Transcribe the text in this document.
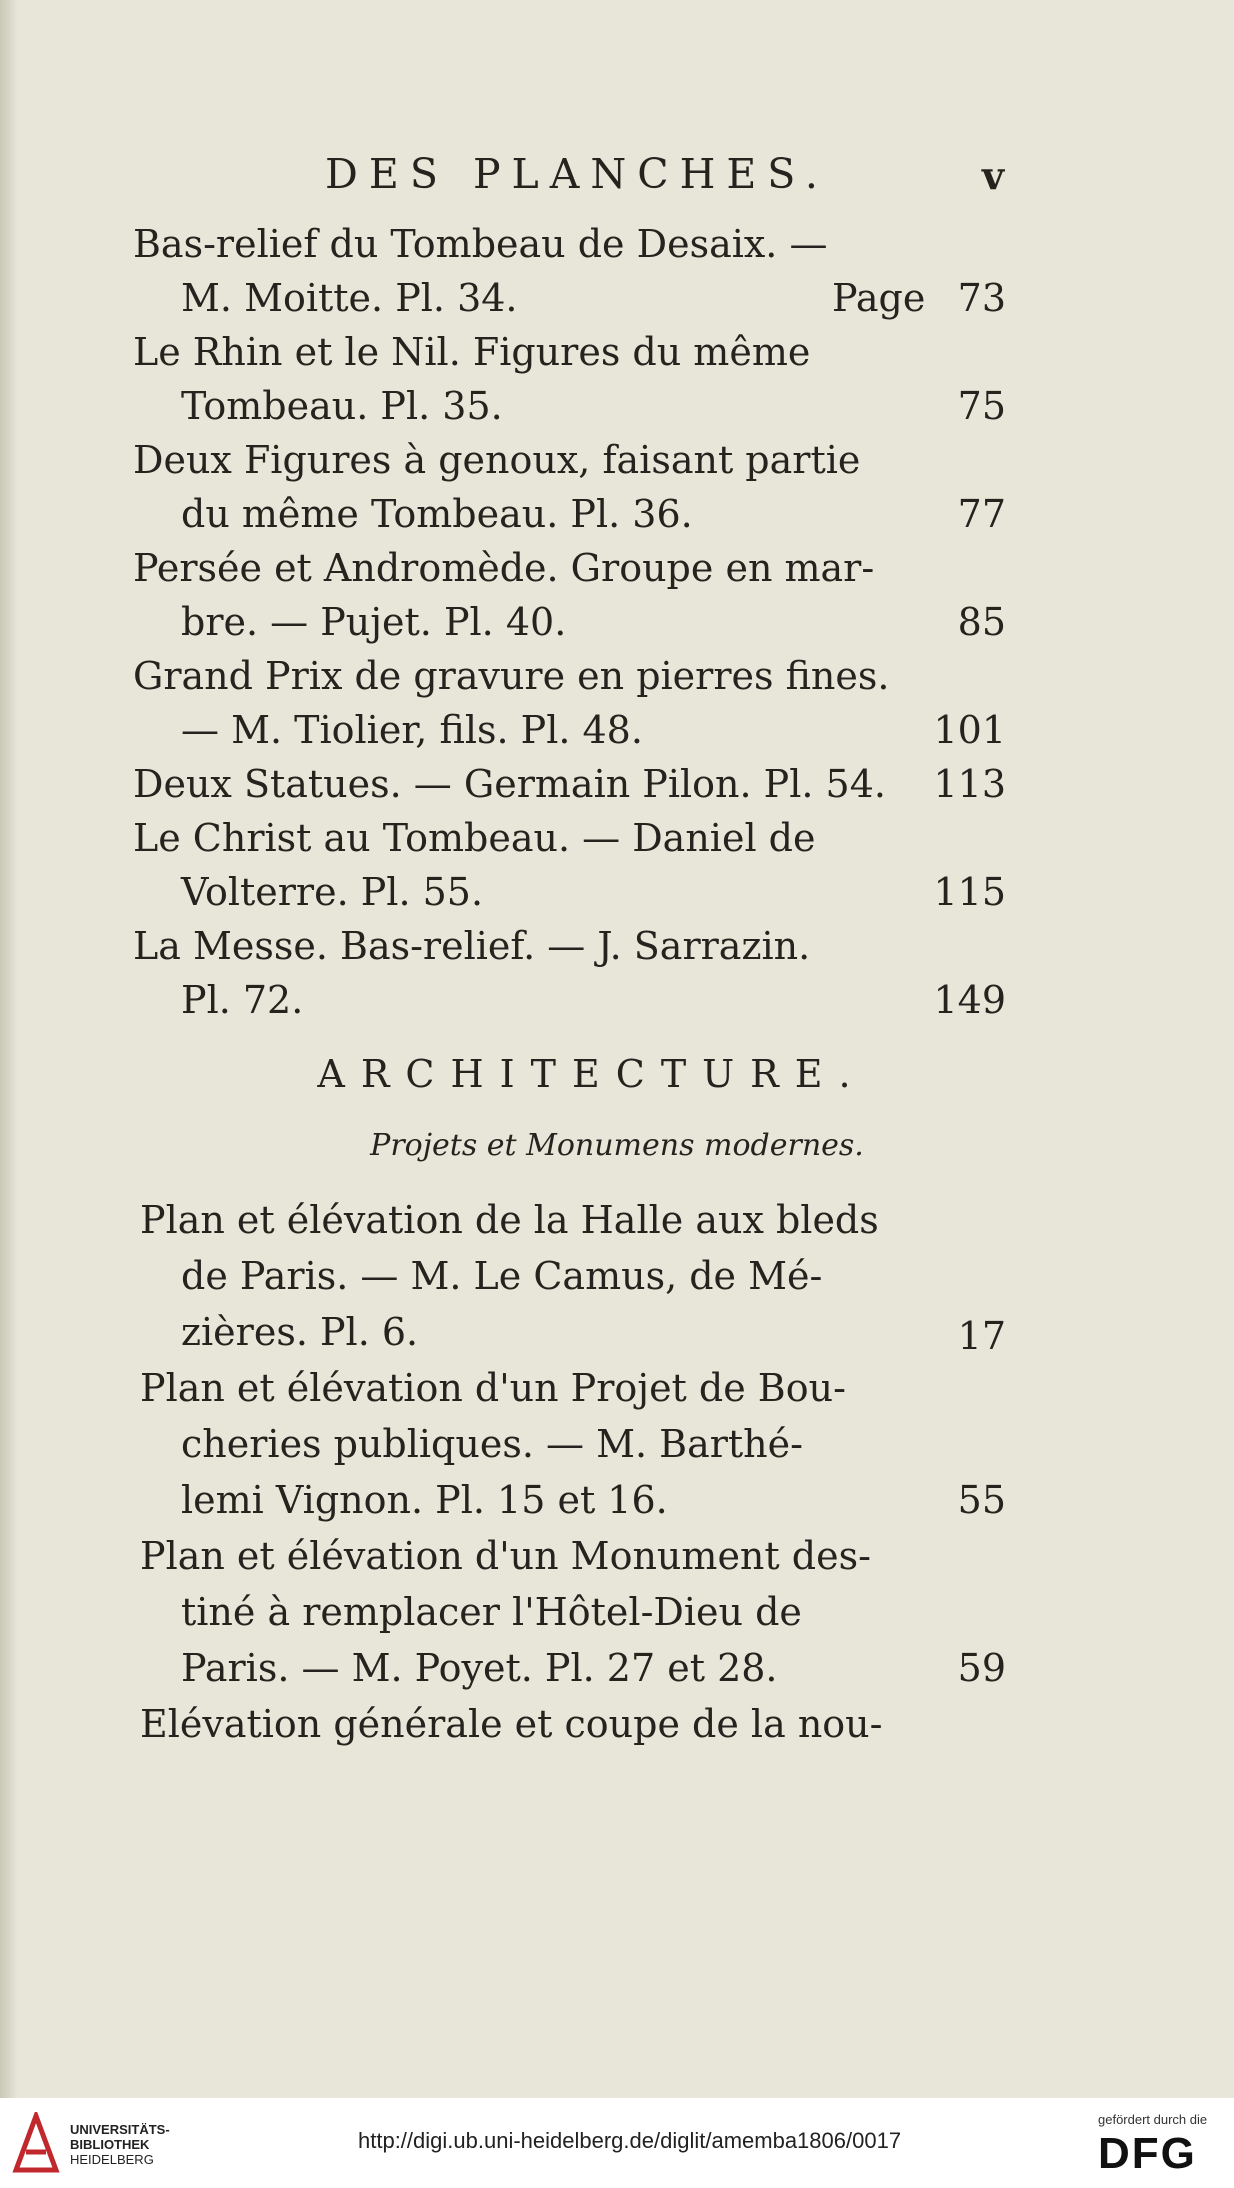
DES PLANCHES.	v
Bas-relief du Tombeau de Desaix. —
M. Moitte. Pl. 34.	Page 73
Le Rhin et le Nil. Figures du même
Tombeau. Pl. 35.	75
Deux Figures à genoux, faisant partie
du même Tombeau. Pl. 36.	77
Persée et Andromède. Groupe en mar-
bre. — Pujet. Pl. 40.	85
Grand Prix de gravure en pierres fines.
— M. Tiolier, fils. Pl. 48.	101
Deux Statues. — Germain Pilon. Pl. 54.	113
Le Christ au Tombeau. — Daniel de
Volterre. Pl. 55.	115
La Messe. Bas-relief. — J. Sarrazin.
Pl. 72.	149
ARCHITECTURE.
Projets et Monumens modernes.
Plan et élévation de la Halle aux bleds
de Paris. — M. Le Camus, de Mé-
zières. Pl. 6.	17
Plan et élévation d'un Projet de Bou-
cheries publiques. — M. Barthé-
lemi Vignon. Pl. 15 et 16.	55
Plan et élévation d'un Monument des-
tiné à remplacer l'Hôtel-Dieu de
Paris. — M. Poyet. Pl. 27 et 28.	59
Elévation générale et coupe de la nou-
UNIVERSITÄTS-
BIBLIOTHEK
HEIDELBERG
http://digi.ub.uni-heidelberg.de/diglit/amemba1806/0017
gefördert durch die
DFG
